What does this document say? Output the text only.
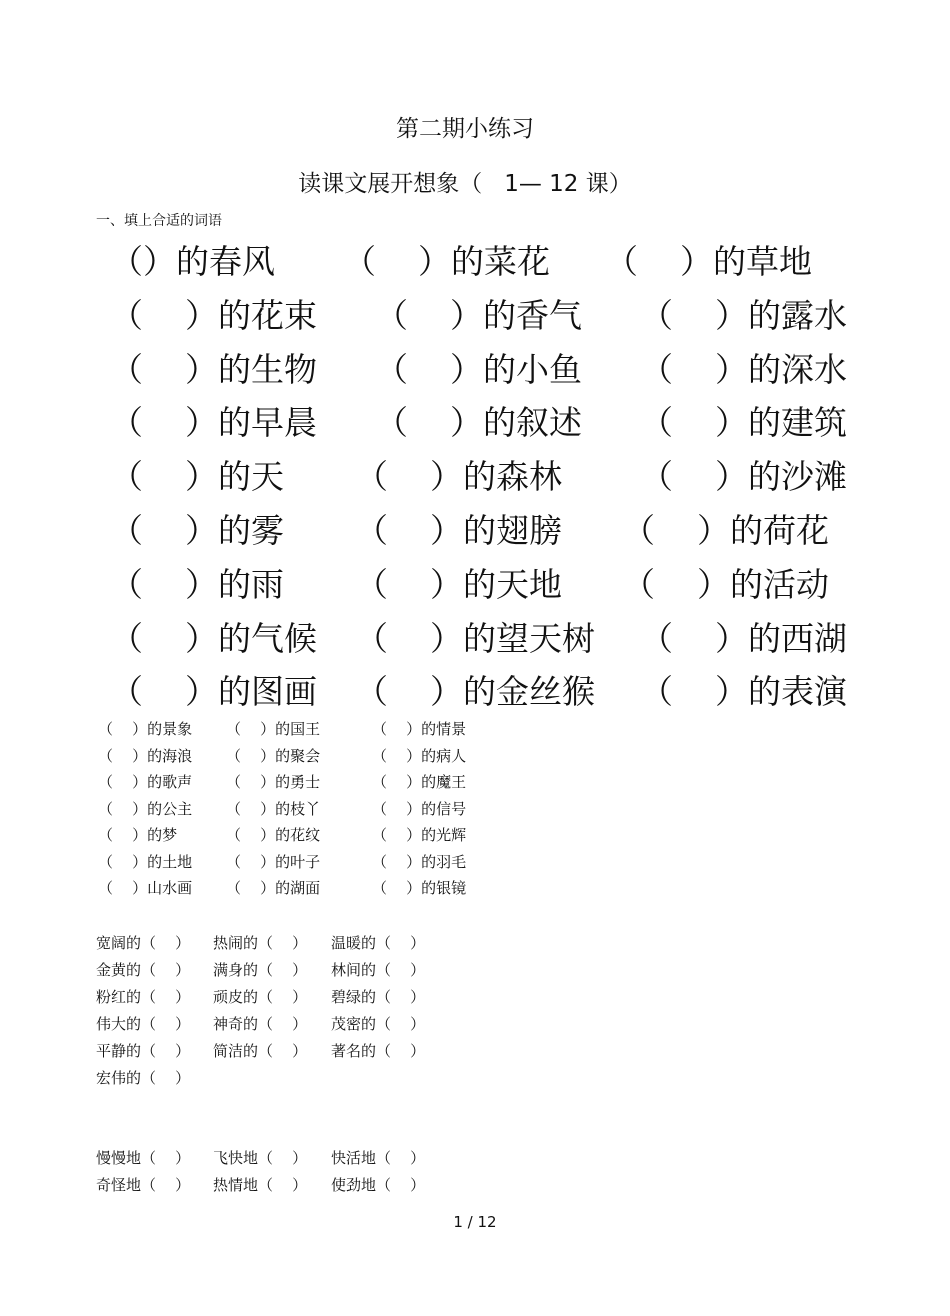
第二期小练习
读课文展开想象（   1— 12 课）
一、填上合适的词语
（）的春风 （    ）的菜花 （    ）的草地
（    ）的花束 （    ）的香气 （    ）的露水
（    ）的生物 （    ）的小鱼 （    ）的深水
（    ）的早晨 （    ）的叙述 （    ）的建筑
（    ）的天 （    ）的森林 （    ）的沙滩
（    ）的雾 （    ）的翅膀 （    ）的荷花
（    ）的雨 （    ）的天地 （    ）的活动
（    ）的气候 （    ）的望天树 （    ）的西湖
（    ）的图画 （    ）的金丝猴 （    ）的表演
（    ）的景象 （    ）的国王	（    ）的情景
（    ）的海浪 （    ）的聚会	（    ）的病人
（    ）的歌声 （    ）的勇士	（    ）的魔王
（    ）的公主 （    ）的枝丫	（    ）的信号
（    ）的梦	（    ）的花纹	（    ）的光辉
（    ）的土地 （    ）的叶子	（    ）的羽毛
（    ）山水画 （    ）的湖面	（    ）的银镜
宽阔的（    ） 热闹的（    ） 温暖的（    ）
金黄的（    ） 满身的（    ） 林间的（    ）
粉红的（    ） 顽皮的（    ） 碧绿的（    ）
伟大的（    ） 神奇的（    ） 茂密的（    ）
平静的（    ） 简洁的（    ） 著名的（    ）
宏伟的（    ）
慢慢地（    ） 飞快地（    ） 快活地（    ）
奇怪地（    ） 热情地（    ） 使劲地（    ）
1 / 12
